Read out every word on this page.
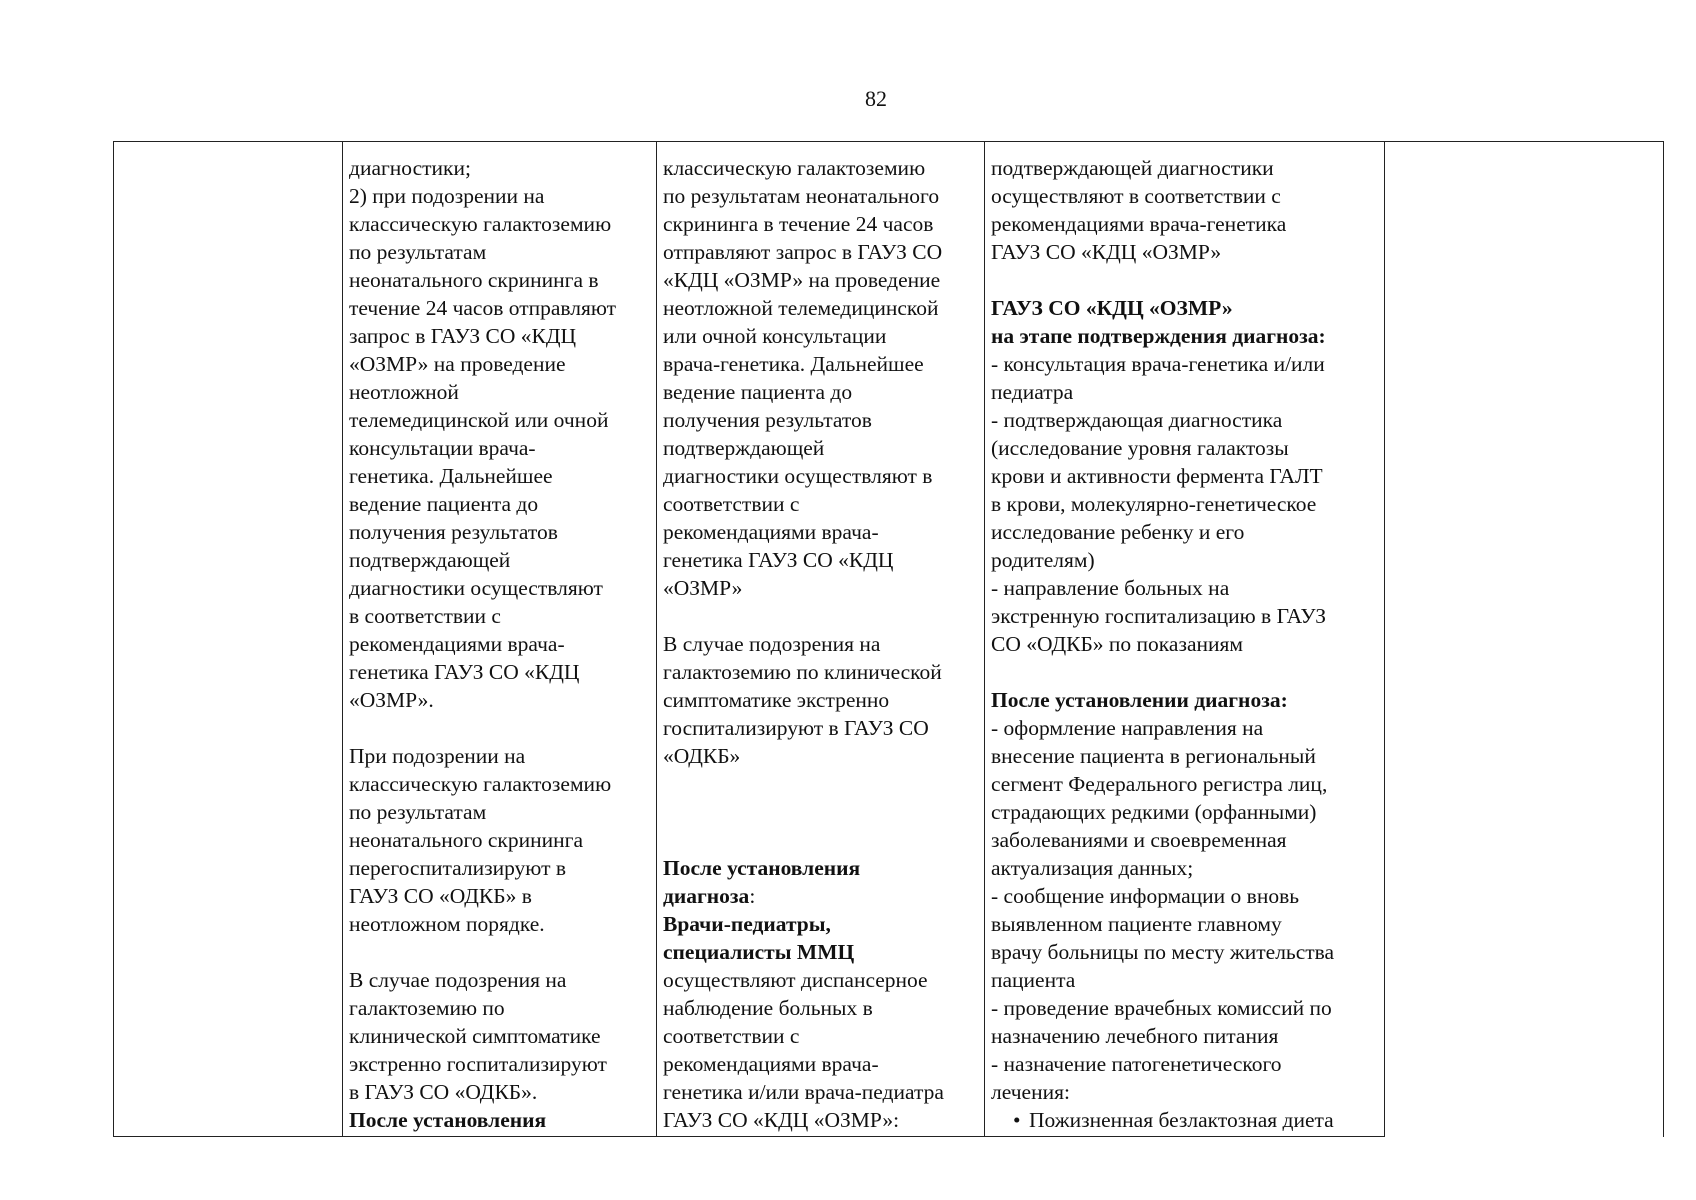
82
диагностики;
2) при подозрении на
классическую галактоземию
по результатам
неонатального скрининга в
течение 24 часов отправляют
запрос в ГАУЗ СО «КДЦ
«ОЗМР» на проведение
неотложной
телемедицинской или очной
консультации врача-
генетика. Дальнейшее
ведение пациента до
получения результатов
подтверждающей
диагностики осуществляют
в соответствии с
рекомендациями врача-
генетика ГАУЗ СО «КДЦ
«ОЗМР».
При подозрении на
классическую галактоземию
по результатам
неонатального скрининга
перегоспитализируют в
ГАУЗ СО «ОДКБ» в
неотложном порядке.
В случае подозрения на
галактоземию по
клинической симптоматике
экстренно госпитализируют
в ГАУЗ СО «ОДКБ».
После установления
классическую галактоземию
по результатам неонатального
скрининга в течение 24 часов
отправляют запрос в ГАУЗ СО
«КДЦ «ОЗМР» на проведение
неотложной телемедицинской
или очной консультации
врача-генетика. Дальнейшее
ведение пациента до
получения результатов
подтверждающей
диагностики осуществляют в
соответствии с
рекомендациями врача-
генетика ГАУЗ СО «КДЦ
«ОЗМР»
В случае подозрения на
галактоземию по клинической
симптоматике экстренно
госпитализируют в ГАУЗ СО
«ОДКБ»
После установления
диагноза:
Врачи-педиатры,
специалисты ММЦ
осуществляют диспансерное
наблюдение больных в
соответствии с
рекомендациями врача-
генетика и/или врача-педиатра
ГАУЗ СО «КДЦ «ОЗМР»:
подтверждающей диагностики
осуществляют в соответствии с
рекомендациями врача-генетика
ГАУЗ СО «КДЦ «ОЗМР»
ГАУЗ СО «КДЦ «ОЗМР»
на этапе подтверждения диагноза:
- консультация врача-генетика и/или
педиатра
- подтверждающая диагностика
(исследование уровня галактозы
крови и активности фермента ГАЛТ
в крови, молекулярно-генетическое
исследование ребенку и его
родителям)
- направление больных на
экстренную госпитализацию в ГАУЗ
СО «ОДКБ» по показаниям
После установлении диагноза:
- оформление направления на
внесение пациента в региональный
сегмент Федерального регистра лиц,
страдающих редкими (орфанными)
заболеваниями и своевременная
актуализация данных;
- сообщение информации о вновь
выявленном пациенте главному
врачу больницы по месту жительства
пациента
- проведение врачебных комиссий по
назначению лечебного питания
- назначение патогенетического
лечения:
• Пожизненная безлактозная диета
